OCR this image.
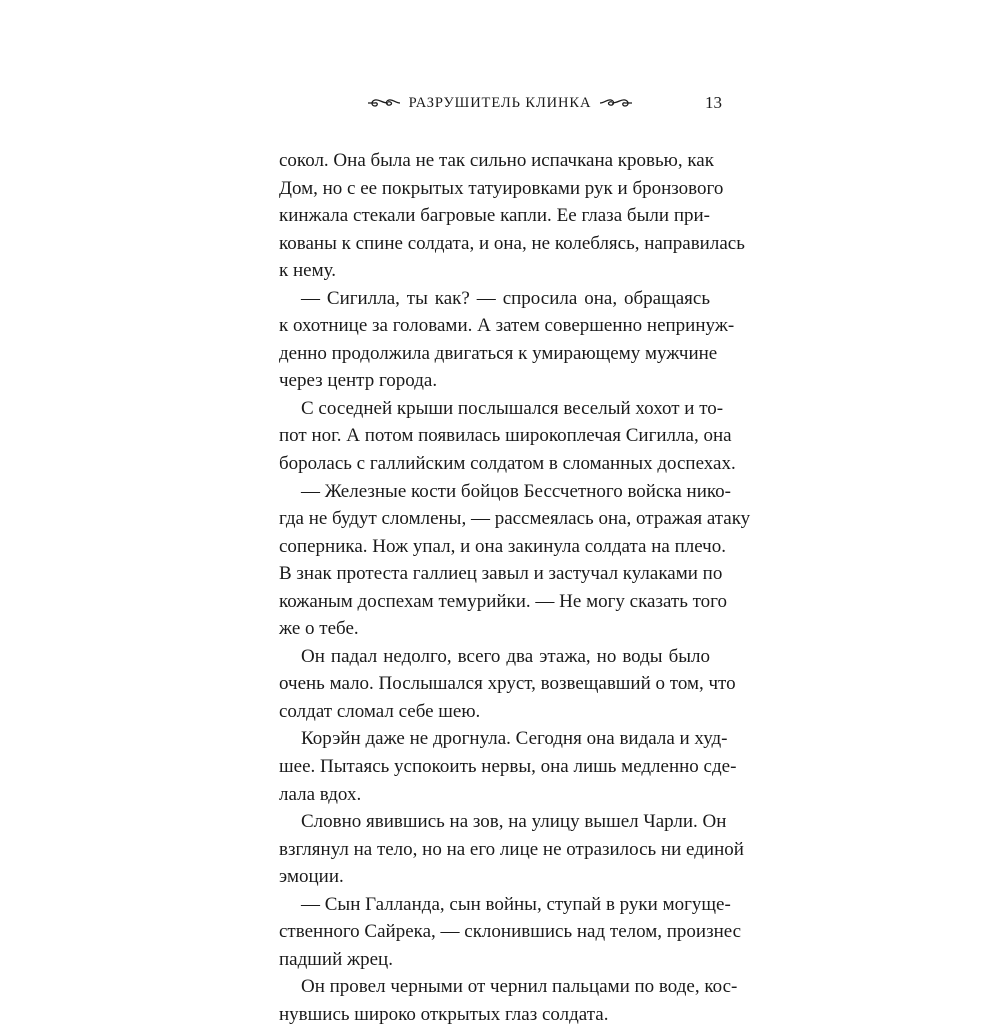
РАЗРУШИТЕЛЬ КЛИНКА	13
сокол. Она была не так сильно испачкана кровью, как
Дом, но с ее покрытых татуировками рук и бронзового
кинжала стекали багровые капли. Ее глаза были при-
кованы к спине солдата, и она, не колеблясь, направилась
к нему.
— Сигилла, ты как? — спросила она, обращаясь
к охотнице за головами. А затем совершенно непринуж-
денно продолжила двигаться к умирающему мужчине
через центр города.
С соседней крыши послышался веселый хохот и то-
пот ног. А потом появилась широкоплечая Сигилла, она
боролась с галлийским солдатом в сломанных доспехах.
— Железные кости бойцов Бессчетного войска нико-
гда не будут сломлены, — рассмеялась она, отражая атаку
соперника. Нож упал, и она закинула солдата на плечо.
В знак протеста галлиец завыл и застучал кулаками по
кожаным доспехам темурийки. — Не могу сказать того
же о тебе.
Он падал недолго, всего два этажа, но воды было
очень мало. Послышался хруст, возвещавший о том, что
солдат сломал себе шею.
Корэйн даже не дрогнула. Сегодня она видала и худ-
шее. Пытаясь успокоить нервы, она лишь медленно сде-
лала вдох.
Словно явившись на зов, на улицу вышел Чарли. Он
взглянул на тело, но на его лице не отразилось ни единой
эмоции.
— Сын Галланда, сын войны, ступай в руки могуще-
ственного Сайрека, — склонившись над телом, произнес
падший жрец.
Он провел черными от чернил пальцами по воде, кос-
нувшись широко открытых глаз солдата.
